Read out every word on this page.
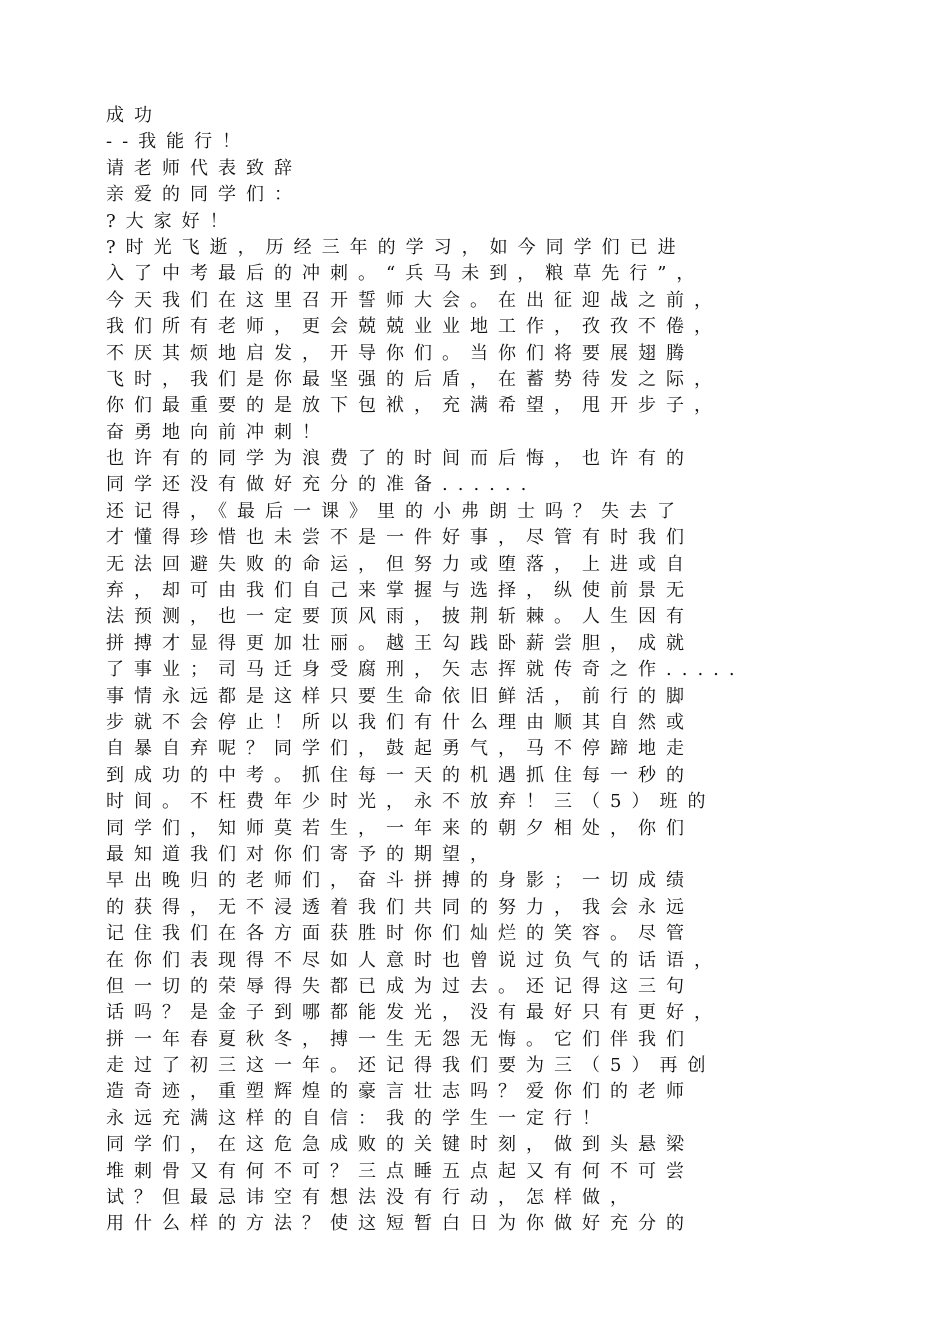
成功
--我能行！
请老师代表致辞
亲爱的同学们：
?大家好！
?时光飞逝，历经三年的学习，如今同学们已进
入了中考最后的冲刺。“兵马未到，粮草先行”，
今天我们在这里召开誓师大会。在出征迎战之前，
我们所有老师，更会兢兢业业地工作，孜孜不倦，
不厌其烦地启发，开导你们。当你们将要展翅腾
飞时，我们是你最坚强的后盾，在蓄势待发之际，
你们最重要的是放下包袱，充满希望，甩开步子，
奋勇地向前冲刺！
也许有的同学为浪费了的时间而后悔，也许有的
同学还没有做好充分的准备......
还记得，《最后一课》里的小弗朗士吗？失去了
才懂得珍惜也未尝不是一件好事，尽管有时我们
无法回避失败的命运，但努力或堕落，上进或自
弃，却可由我们自己来掌握与选择，纵使前景无
法预测，也一定要顶风雨，披荆斩棘。人生因有
拼搏才显得更加壮丽。越王勾践卧薪尝胆，成就
了事业；司马迁身受腐刑，矢志挥就传奇之作.....
事情永远都是这样只要生命依旧鲜活，前行的脚
步就不会停止！所以我们有什么理由顺其自然或
自暴自弃呢？同学们，鼓起勇气，马不停蹄地走
到成功的中考。抓住每一天的机遇抓住每一秒的
时间。不枉费年少时光，永不放弃！三（5）班的
同学们，知师莫若生，一年来的朝夕相处，你们
最知道我们对你们寄予的期望，
早出晚归的老师们，奋斗拼搏的身影；一切成绩
的获得，无不浸透着我们共同的努力，我会永远
记住我们在各方面获胜时你们灿烂的笑容。尽管
在你们表现得不尽如人意时也曾说过负气的话语，
但一切的荣辱得失都已成为过去。还记得这三句
话吗？是金子到哪都能发光，没有最好只有更好，
拼一年春夏秋冬，搏一生无怨无悔。它们伴我们
走过了初三这一年。还记得我们要为三（5）再创
造奇迹，重塑辉煌的豪言壮志吗？爱你们的老师
永远充满这样的自信：我的学生一定行！
同学们，在这危急成败的关键时刻，做到头悬梁
堆刺骨又有何不可？三点睡五点起又有何不可尝
试？但最忌讳空有想法没有行动，怎样做，
用什么样的方法？使这短暂白日为你做好充分的
